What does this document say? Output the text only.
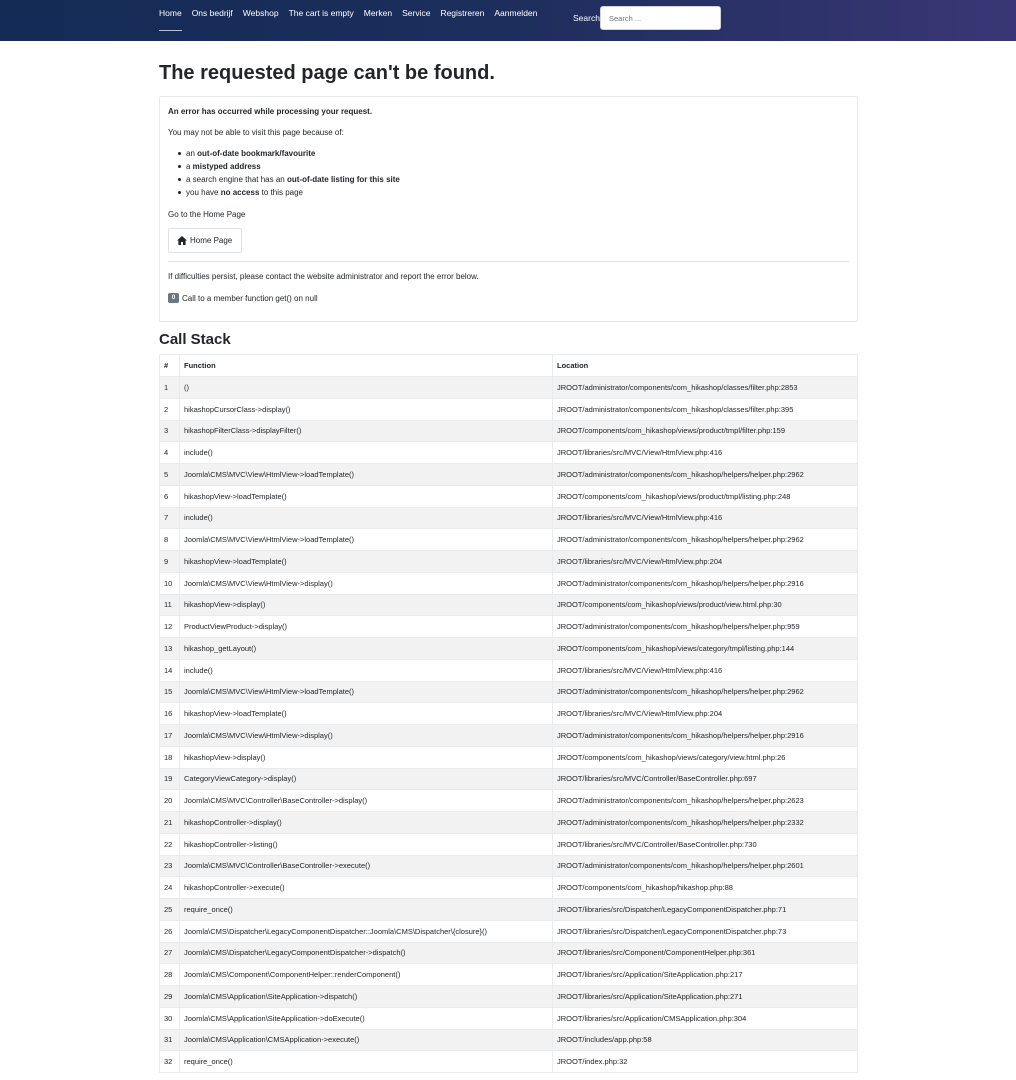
Home Ons bedrijf Webshop The cart is empty Merken Service Registreren Aanmelden	Search
Search ...
The requested page can't be found.
An error has occurred while processing your request.
You may not be able to visit this page because of:
an out-of-date bookmark/favourite
a mistyped address
a search engine that has an out-of-date listing for this site
you have no access to this page
Go to the Home Page
Home Page
If difficulties persist, please contact the website administrator and report the error below.
0 Call to a member function get() on null
Call Stack
#	Function	Location
1	()	JROOT/administrator/components/com_hikashop/classes/filter.php:2853
2	hikashopCursorClass->display()	JROOT/administrator/components/com_hikashop/classes/filter.php:395
3	hikashopFilterClass->displayFilter()	JROOT/components/com_hikashop/views/product/tmpl/filter.php:159
4	include()	JROOT/libraries/src/MVC/View/HtmlView.php:416
5	Joomla\CMS\MVC\View\HtmlView->loadTemplate()	JROOT/administrator/components/com_hikashop/helpers/helper.php:2962
6	hikashopView->loadTemplate()	JROOT/components/com_hikashop/views/product/tmpl/listing.php:248
7	include()	JROOT/libraries/src/MVC/View/HtmlView.php:416
8	Joomla\CMS\MVC\View\HtmlView->loadTemplate()	JROOT/administrator/components/com_hikashop/helpers/helper.php:2962
9	hikashopView->loadTemplate()	JROOT/libraries/src/MVC/View/HtmlView.php:204
10	Joomla\CMS\MVC\View\HtmlView->display()	JROOT/administrator/components/com_hikashop/helpers/helper.php:2916
11	hikashopView->display()	JROOT/components/com_hikashop/views/product/view.html.php:30
12	ProductViewProduct->display()	JROOT/administrator/components/com_hikashop/helpers/helper.php:959
13	hikashop_getLayout()	JROOT/components/com_hikashop/views/category/tmpl/listing.php:144
14	include()	JROOT/libraries/src/MVC/View/HtmlView.php:416
15	Joomla\CMS\MVC\View\HtmlView->loadTemplate()	JROOT/administrator/components/com_hikashop/helpers/helper.php:2962
16	hikashopView->loadTemplate()	JROOT/libraries/src/MVC/View/HtmlView.php:204
17	Joomla\CMS\MVC\View\HtmlView->display()	JROOT/administrator/components/com_hikashop/helpers/helper.php:2916
18	hikashopView->display()	JROOT/components/com_hikashop/views/category/view.html.php:26
19	CategoryViewCategory->display()	JROOT/libraries/src/MVC/Controller/BaseController.php:697
20	Joomla\CMS\MVC\Controller\BaseController->display()	JROOT/administrator/components/com_hikashop/helpers/helper.php:2623
21	hikashopController->display()	JROOT/administrator/components/com_hikashop/helpers/helper.php:2332
22	hikashopController->listing()	JROOT/libraries/src/MVC/Controller/BaseController.php:730
23	Joomla\CMS\MVC\Controller\BaseController->execute()	JROOT/administrator/components/com_hikashop/helpers/helper.php:2601
24	hikashopController->execute()	JROOT/components/com_hikashop/hikashop.php:88
25	require_once()	JROOT/libraries/src/Dispatcher/LegacyComponentDispatcher.php:71
26	Joomla\CMS\Dispatcher\LegacyComponentDispatcher::Joomla\CMS\Dispatcher\{closure}()	JROOT/libraries/src/Dispatcher/LegacyComponentDispatcher.php:73
27	Joomla\CMS\Dispatcher\LegacyComponentDispatcher->dispatch()	JROOT/libraries/src/Component/ComponentHelper.php:361
28	Joomla\CMS\Component\ComponentHelper::renderComponent()	JROOT/libraries/src/Application/SiteApplication.php:217
29	Joomla\CMS\Application\SiteApplication->dispatch()	JROOT/libraries/src/Application/SiteApplication.php:271
30	Joomla\CMS\Application\SiteApplication->doExecute()	JROOT/libraries/src/Application/CMSApplication.php:304
31	Joomla\CMS\Application\CMSApplication->execute()	JROOT/includes/app.php:58
32	require_once()	JROOT/index.php:32
